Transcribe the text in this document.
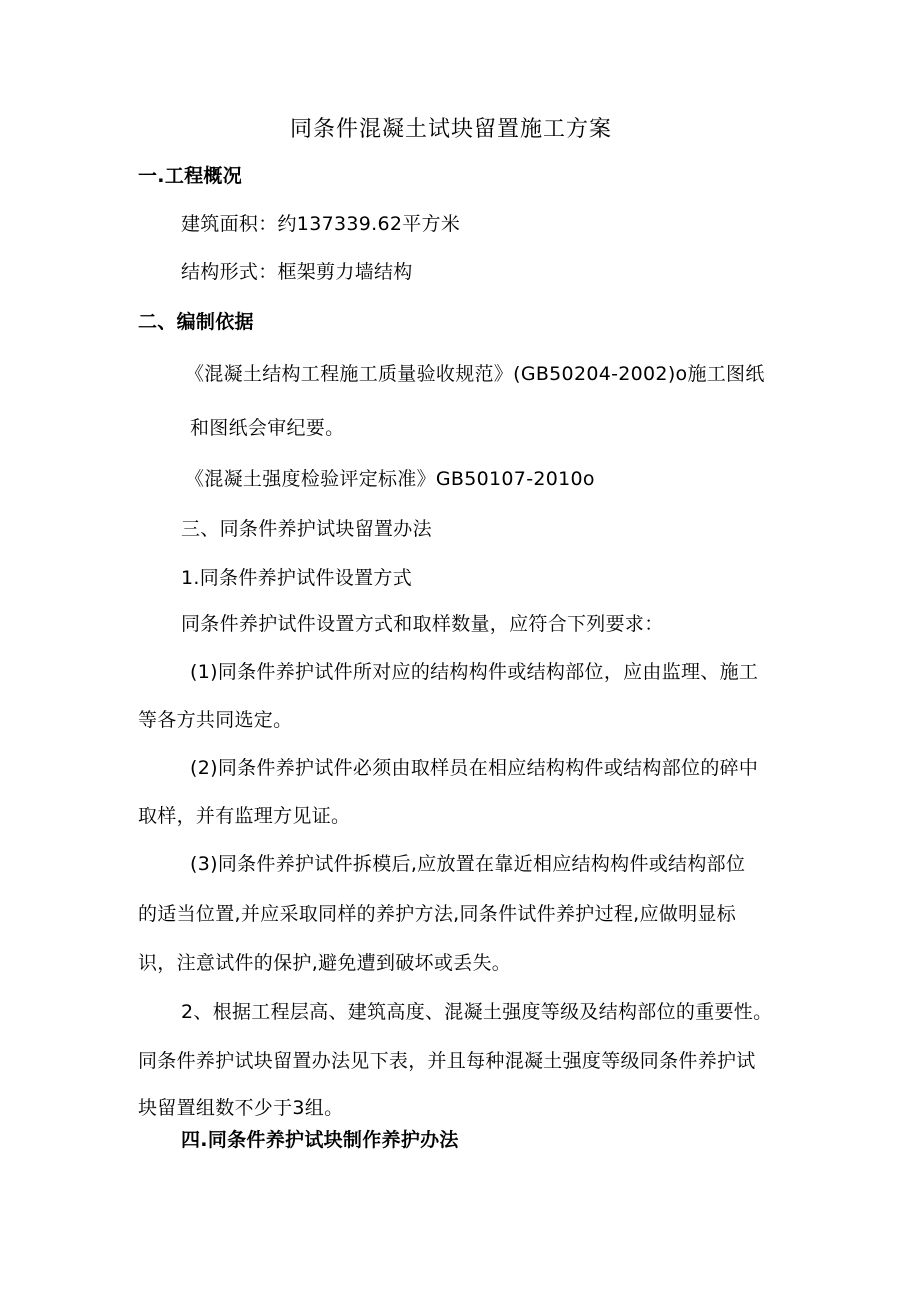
同条件混凝土试块留置施工方案
一.工程概况
建筑面积：约137339.62平方米
结构形式：框架剪力墙结构
二、编制依据
《混凝土结构工程施工质量验收规范》(GB50204-2002)o施工图纸
和图纸会审纪要。
《混凝土强度检验评定标准》GB50107-2010o
三、同条件养护试块留置办法
1.同条件养护试件设置方式
同条件养护试件设置方式和取样数量，应符合下列要求：
(1)同条件养护试件所对应的结构构件或结构部位，应由监理、施工
等各方共同选定。
(2)同条件养护试件必须由取样员在相应结构构件或结构部位的碎中
取样，并有监理方见证。
(3)同条件养护试件拆模后,应放置在靠近相应结构构件或结构部位
的适当位置,并应采取同样的养护方法,同条件试件养护过程,应做明显标
识，注意试件的保护,避免遭到破坏或丢失。
2、根据工程层高、建筑高度、混凝土强度等级及结构部位的重要性。
同条件养护试块留置办法见下表，并且每种混凝土强度等级同条件养护试
块留置组数不少于3组。
四.同条件养护试块制作养护办法
